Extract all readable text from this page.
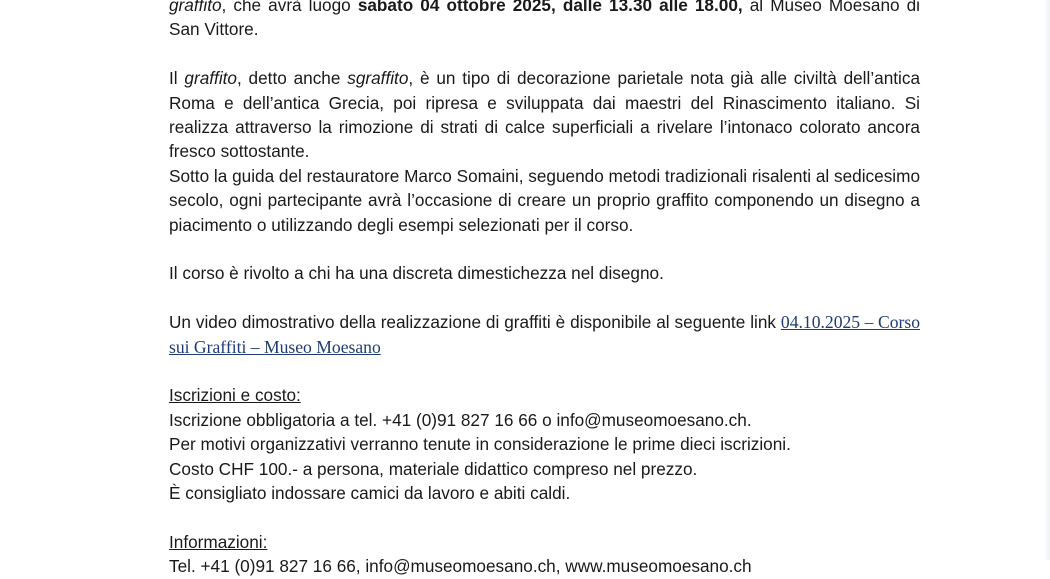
graffito, che avrà luogo sabato 04 ottobre 2025, dalle 13.30 alle 18.00, al Museo Moesano di San Vittore.

Il graffito, detto anche sgraffito, è un tipo di decorazione parietale nota già alle civiltà dell’antica Roma e dell’antica Grecia, poi ripresa e sviluppata dai maestri del Rinascimento italiano. Si realizza attraverso la rimozione di strati di calce superficiali a rivelare l’intonaco colorato ancora fresco sottostante.

Sotto la guida del restauratore Marco Somaini, seguendo metodi tradizionali risalenti al sedicesimo secolo, ogni partecipante avrà l’occasione di creare un proprio graffito componendo un disegno a piacimento o utilizzando degli esempi selezionati per il corso.

Il corso è rivolto a chi ha una discreta dimestichezza nel disegno.

Un video dimostrativo della realizzazione di graffiti è disponibile al seguente link 04.10.2025 – Corso sui Graffiti – Museo Moesano

Iscrizioni e costo:

Iscrizione obbligatoria a tel. +41 (0)91 827 16 66 o info@museomoesano.ch.

Per motivi organizzativi verranno tenute in considerazione le prime dieci iscrizioni.

Costo CHF 100.- a persona, materiale didattico compreso nel prezzo.

È consigliato indossare camici da lavoro e abiti caldi.

Informazioni:

Tel. +41 (0)91 827 16 66, info@museomoesano.ch, www.museomoesano.ch
